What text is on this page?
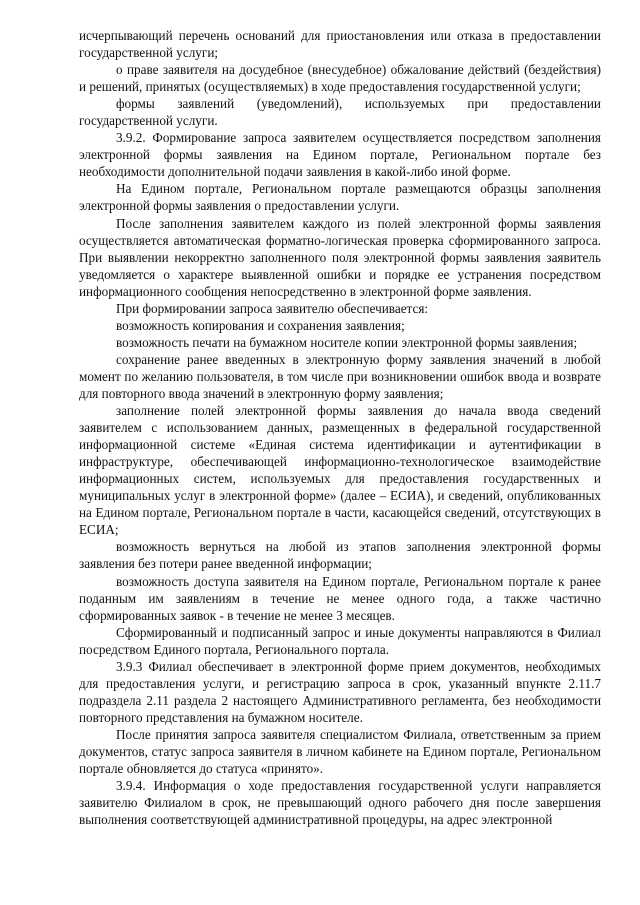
исчерпывающий перечень оснований для приостановления или отказа в предоставлении государственной услуги;

о праве заявителя на досудебное (внесудебное) обжалование действий (бездействия) и решений, принятых (осуществляемых) в ходе предоставления государственной услуги;

формы заявлений (уведомлений), используемых при предоставлении государственной услуги.

3.9.2. Формирование запроса заявителем осуществляется посредством заполнения электронной формы заявления на Едином портале, Региональном портале без необходимости дополнительной подачи заявления в какой-либо иной форме.

На Едином портале, Региональном портале размещаются образцы заполнения электронной формы заявления о предоставлении услуги.

После заполнения заявителем каждого из полей электронной формы заявления осуществляется автоматическая форматно-логическая проверка сформированного запроса. При выявлении некорректно заполненного поля электронной формы заявления заявитель уведомляется о характере выявленной ошибки и порядке ее устранения посредством информационного сообщения непосредственно в электронной форме заявления.

При формировании запроса заявителю обеспечивается:

возможность копирования и сохранения заявления;

возможность печати на бумажном носителе копии электронной формы заявления;

сохранение ранее введенных в электронную форму заявления значений в любой момент по желанию пользователя, в том числе при возникновении ошибок ввода и возврате для повторного ввода значений в электронную форму заявления;

заполнение полей электронной формы заявления до начала ввода сведений заявителем с использованием данных, размещенных в федеральной государственной информационной системе «Единая система идентификации и аутентификации в инфраструктуре, обеспечивающей информационно-технологическое взаимодействие информационных систем, используемых для предоставления государственных и муниципальных услуг в электронной форме» (далее – ЕСИА), и сведений, опубликованных на Едином портале, Региональном портале в части, касающейся сведений, отсутствующих в ЕСИА;

возможность вернуться на любой из этапов заполнения электронной формы заявления без потери ранее введенной информации;

возможность доступа заявителя на Едином портале, Региональном портале к ранее поданным им заявлениям в течение не менее одного года, а также частично сформированных заявок - в течение не менее 3 месяцев.

Сформированный и подписанный запрос и иные документы направляются в Филиал посредством Единого портала, Регионального портала.

3.9.3 Филиал обеспечивает в электронной форме прием документов, необходимых для предоставления услуги, и регистрацию запроса в срок, указанный впункте 2.11.7 подраздела 2.11 раздела 2 настоящего Административного регламента, без необходимости повторного представления на бумажном носителе.

После принятия запроса заявителя специалистом Филиала, ответственным за прием документов, статус запроса заявителя в личном кабинете на Едином портале, Региональном портале обновляется до статуса «принято».

3.9.4. Информация о ходе предоставления государственной услуги направляется заявителю Филиалом в срок, не превышающий одного рабочего дня после завершения выполнения соответствующей административной процедуры, на адрес электронной
